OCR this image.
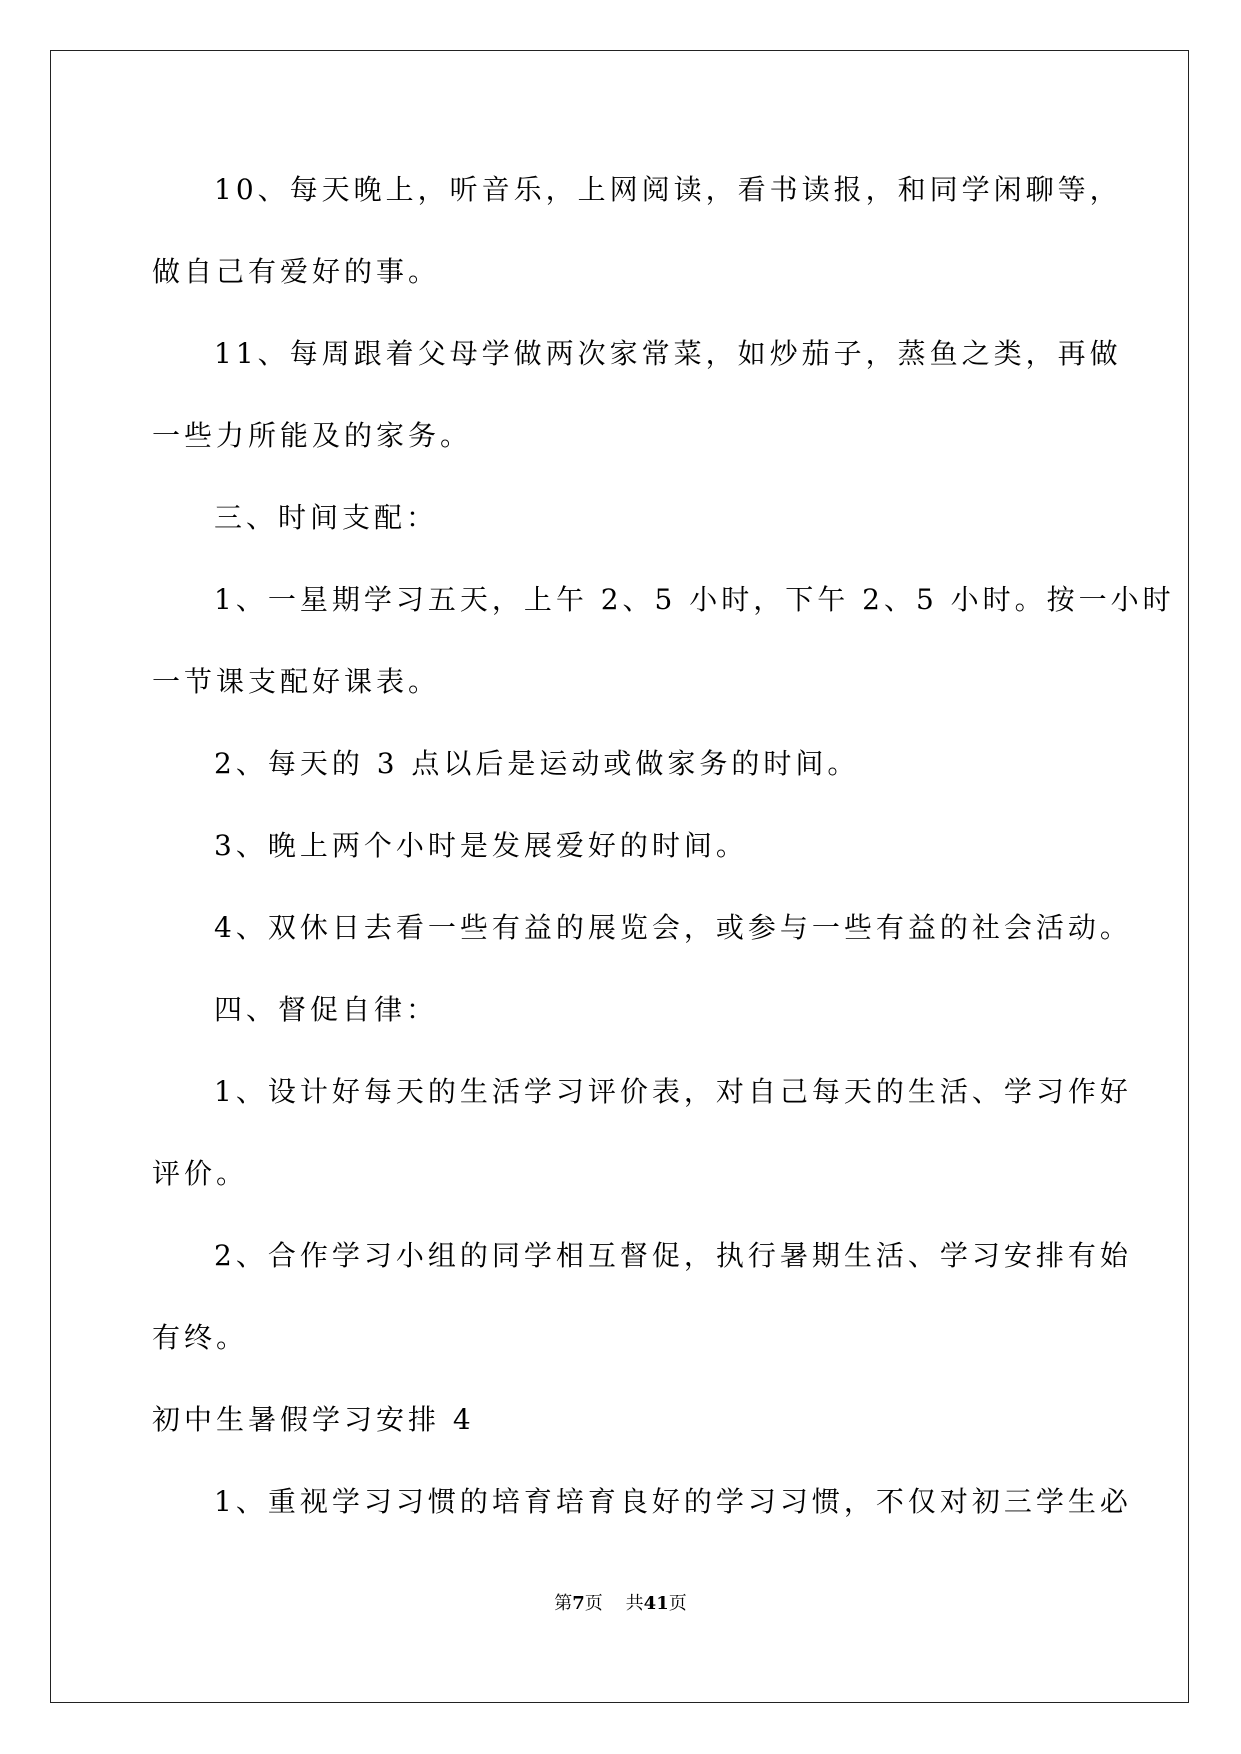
10、每天晚上，听音乐，上网阅读，看书读报，和同学闲聊等，

做自己有爱好的事。

11、每周跟着父母学做两次家常菜，如炒茄子，蒸鱼之类，再做

一些力所能及的家务。

三、时间支配：

1、一星期学习五天，上午 2、5 小时，下午 2、5 小时。按一小时

一节课支配好课表。

2、每天的 3 点以后是运动或做家务的时间。

3、晚上两个小时是发展爱好的时间。

4、双休日去看一些有益的展览会，或参与一些有益的社会活动。

四、督促自律：

1、设计好每天的生活学习评价表，对自己每天的生活、学习作好

评价。

2、合作学习小组的同学相互督促，执行暑期生活、学习安排有始

有终。

初中生暑假学习安排 4

1、重视学习习惯的培育培育良好的学习习惯，不仅对初三学生必

第7页    共41页
